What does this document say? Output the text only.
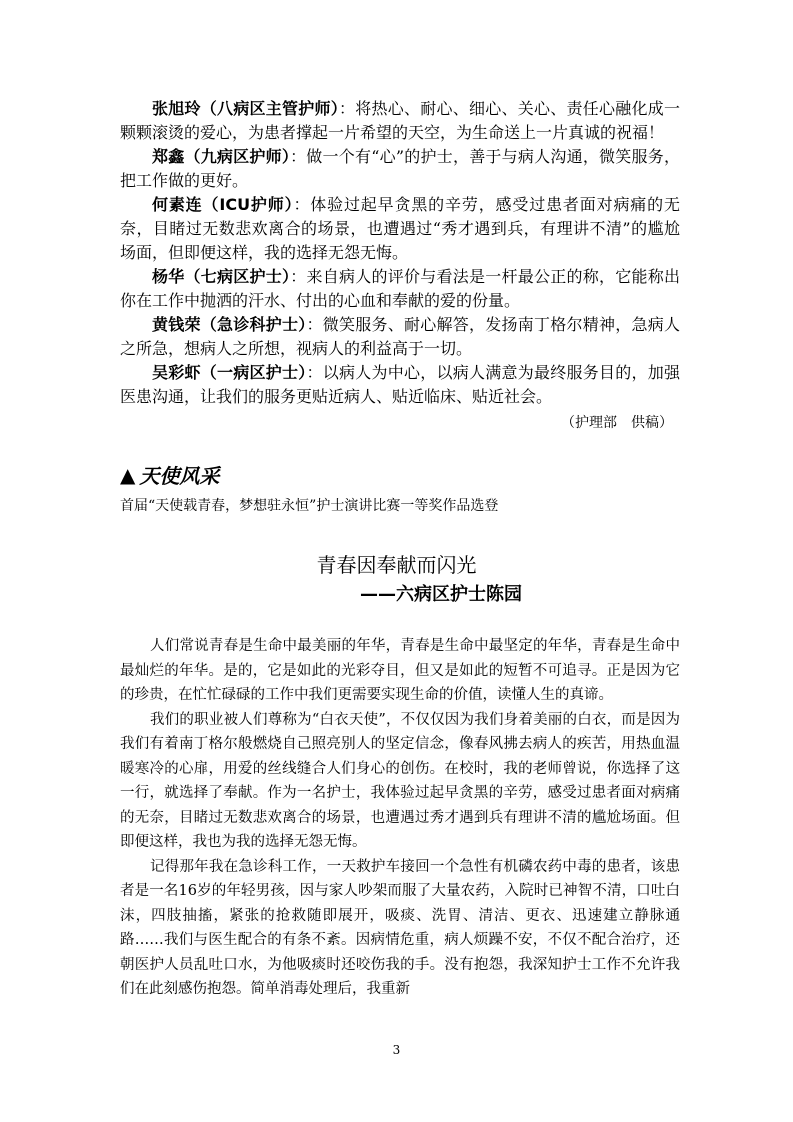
张旭玲（八病区主管护师）：将热心、耐心、细心、关心、责任心融化成一颗颗滚烫的爱心，为患者撑起一片希望的天空，为生命送上一片真诚的祝福！

郑鑫（九病区护师）：做一个有“心”的护士，善于与病人沟通，微笑服务，把工作做的更好。

何素连（ICU护师）：体验过起早贪黑的辛劳，感受过患者面对病痛的无奈，目睹过无数悲欢离合的场景，也遭遇过“秀才遇到兵，有理讲不清”的尴尬场面，但即便这样，我的选择无怨无悔。

杨华（七病区护士）：来自病人的评价与看法是一杆最公正的称，它能称出你在工作中抛洒的汗水、付出的心血和奉献的爱的份量。

黄钱荣（急诊科护士）：微笑服务、耐心解答，发扬南丁格尔精神，急病人之所急，想病人之所想，视病人的利益高于一切。

吴彩虾（一病区护士）：以病人为中心，以病人满意为最终服务目的，加强医患沟通，让我们的服务更贴近病人、贴近临床、贴近社会。

（护理部　供稿）
▲ 天使风采
首届“天使载青春，梦想驻永恒”护士演讲比赛一等奖作品选登
青春因奉献而闪光
——六病区护士陈园

人们常说青春是生命中最美丽的年华，青春是生命中最坚定的年华，青春是生命中最灿烂的年华。是的，它是如此的光彩夺目，但又是如此的短暂不可追寻。正是因为它的珍贵，在忙忙碌碌的工作中我们更需要实现生命的价值，读懂人生的真谛。

我们的职业被人们尊称为“白衣天使”，不仅仅因为我们身着美丽的白衣，而是因为我们有着南丁格尔般燃烧自己照亮别人的坚定信念，像春风拂去病人的疾苦，用热血温暖寒冷的心扉，用爱的丝线缝合人们身心的创伤。在校时，我的老师曾说，你选择了这一行，就选择了奉献。作为一名护士，我体验过起早贪黑的辛劳，感受过患者面对病痛的无奈，目睹过无数悲欢离合的场景，也遭遇过秀才遇到兵有理讲不清的尴尬场面。但即便这样，我也为我的选择无怨无悔。

记得那年我在急诊科工作，一天救护车接回一个急性有机磷农药中毒的患者，该患者是一名16岁的年轻男孩，因与家人吵架而服了大量农药，入院时已神智不清，口吐白沫，四肢抽搐，紧张的抢救随即展开，吸痰、洗胃、清洁、更衣、迅速建立静脉通路……我们与医生配合的有条不紊。因病情危重，病人烦躁不安，不仅不配合治疗，还朝医护人员乱吐口水，为他吸痰时还咬伤我的手。没有抱怨，我深知护士工作不允许我们在此刻感伤抱怨。简单消毒处理后，我重新

3
